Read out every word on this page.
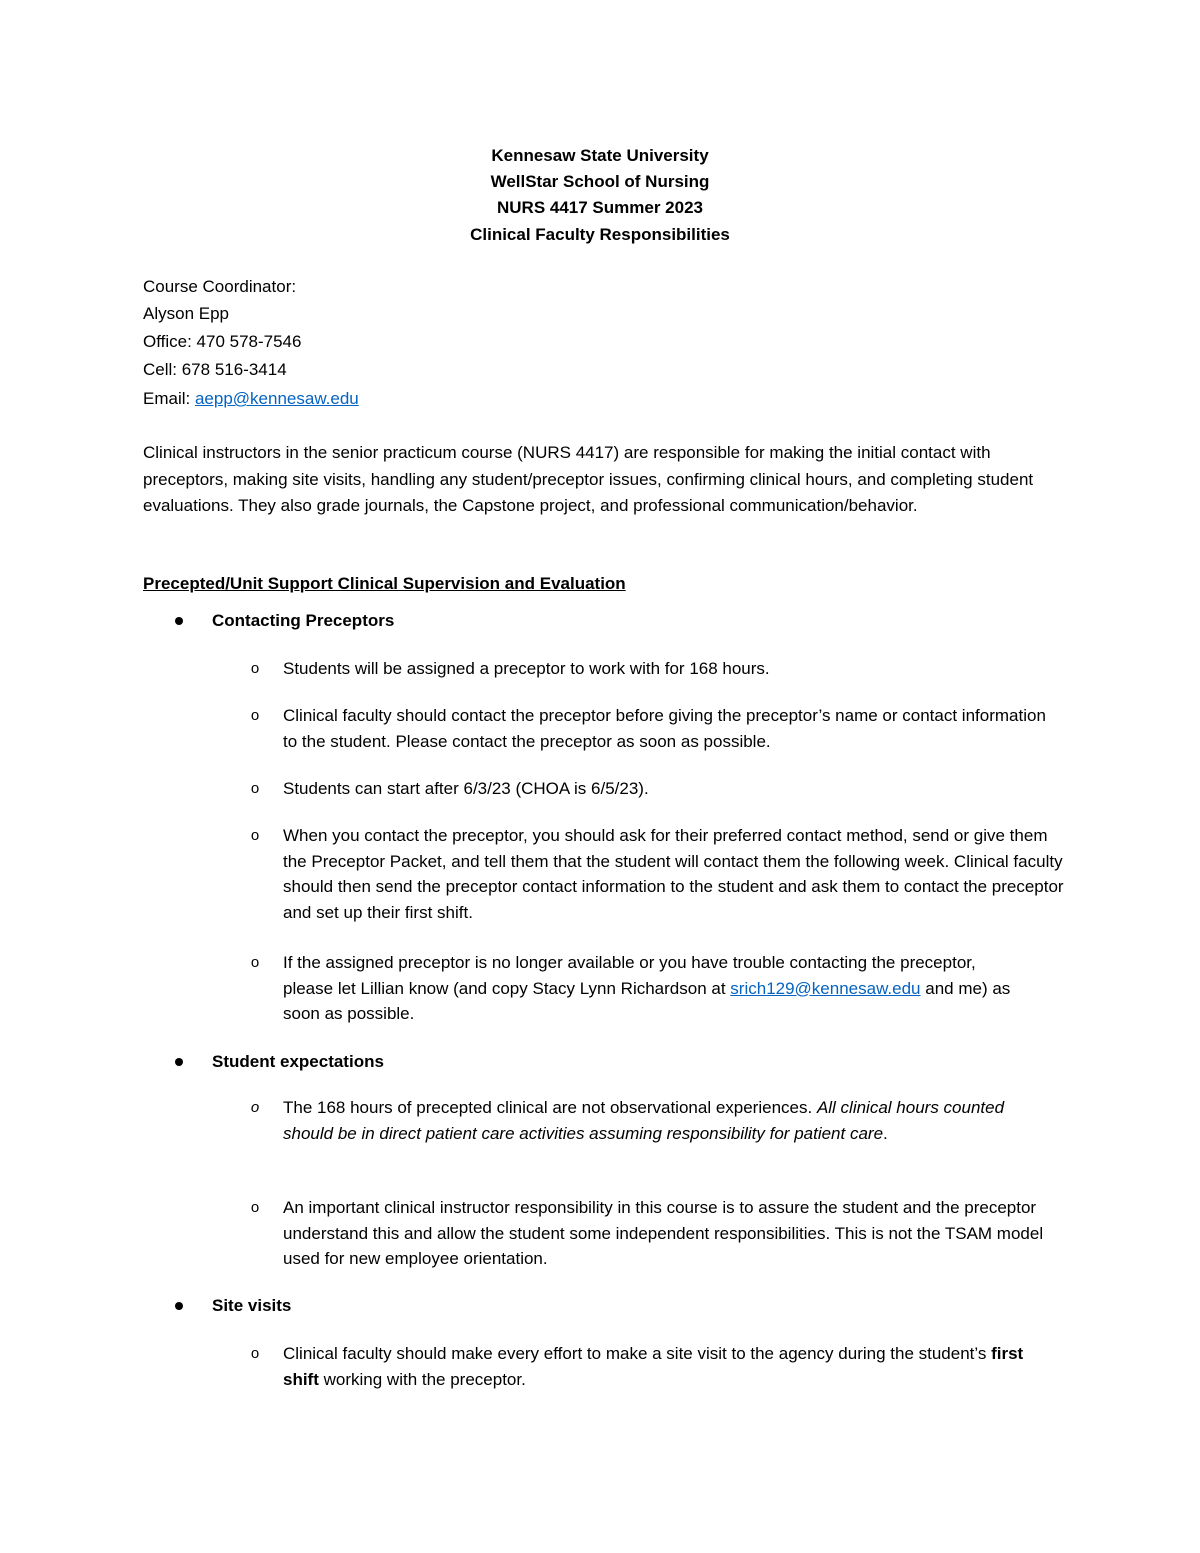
Kennesaw State University
WellStar School of Nursing
NURS 4417 Summer 2023
Clinical Faculty Responsibilities
Course Coordinator:
Alyson Epp
Office: 470 578-7546
Cell: 678 516-3414
Email: aepp@kennesaw.edu
Clinical instructors in the senior practicum course (NURS 4417) are responsible for making the initial contact with preceptors, making site visits, handling any student/preceptor issues, confirming clinical hours, and completing student evaluations. They also grade journals, the Capstone project, and professional communication/behavior.
Precepted/Unit Support Clinical Supervision and Evaluation
Contacting Preceptors
o Students will be assigned a preceptor to work with for 168 hours.
o Clinical faculty should contact the preceptor before giving the preceptor’s name or contact information to the student. Please contact the preceptor as soon as possible.
o Students can start after 6/3/23 (CHOA is 6/5/23).
o When you contact the preceptor, you should ask for their preferred contact method, send or give them the Preceptor Packet, and tell them that the student will contact them the following week. Clinical faculty should then send the preceptor contact information to the student and ask them to contact the preceptor and set up their first shift.
o If the assigned preceptor is no longer available or you have trouble contacting the preceptor, please let Lillian know (and copy Stacy Lynn Richardson at srich129@kennesaw.edu and me) as soon as possible.
Student expectations
o The 168 hours of precepted clinical are not observational experiences. All clinical hours counted should be in direct patient care activities assuming responsibility for patient care.
o An important clinical instructor responsibility in this course is to assure the student and the preceptor understand this and allow the student some independent responsibilities. This is not the TSAM model used for new employee orientation.
Site visits
o Clinical faculty should make every effort to make a site visit to the agency during the student’s first shift working with the preceptor.
